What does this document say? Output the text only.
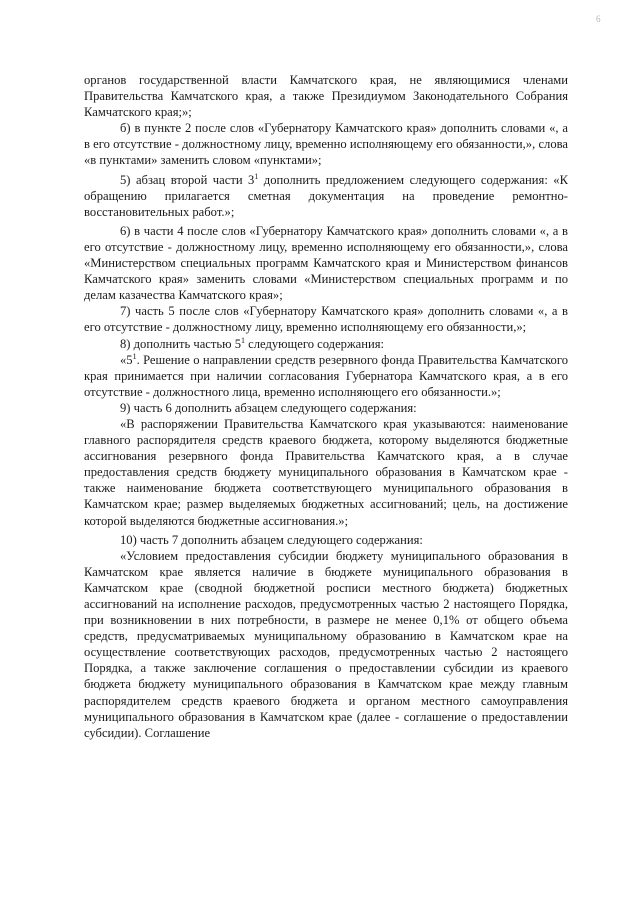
6

органов государственной власти Камчатского края, не являющимися членами Правительства Камчатского края, а также Президиумом Законодательного Собрания Камчатского края;»;

б) в пункте 2 после слов «Губернатору Камчатского края» дополнить словами «, а в его отсутствие - должностному лицу, временно исполняющему его обязанности,», слова «в пунктами» заменить словом «пунктами»;

5) абзац второй части $3^1$ дополнить предложением следующего содержания: «К обращению прилагается сметная документация на проведение ремонтно-восстановительных работ.»;

6) в части 4 после слов «Губернатору Камчатского края» дополнить словами «, а в его отсутствие - должностному лицу, временно исполняющему его обязанности,», слова «Министерством специальных программ Камчатского края и Министерством финансов Камчатского края» заменить словами «Министерством специальных программ и по делам казачества Камчатского края»;

7) часть 5 после слов «Губернатору Камчатского края» дополнить словами «, а в его отсутствие - должностному лицу, временно исполняющему его обязанности,»;

8) дополнить частью $5^1$ следующего содержания:

«$5^1$. Решение о направлении средств резервного фонда Правительства Камчатского края принимается при наличии согласования Губернатора Камчатского края, а в его отсутствие - должностного лица, временно исполняющего его обязанности.»;

9) часть 6 дополнить абзацем следующего содержания:

«В распоряжении Правительства Камчатского края указываются: наименование главного распорядителя средств краевого бюджета, которому выделяются бюджетные ассигнования резервного фонда Правительства Камчатского края, а в случае предоставления средств бюджету муниципального образования в Камчатском крае - также наименование бюджета соответствующего муниципального образования в Камчатском крае; размер выделяемых бюджетных ассигнований; цель, на достижение которой выделяются бюджетные ассигнования.»;

10) часть 7 дополнить абзацем следующего содержания:

«Условием предоставления субсидии бюджету муниципального образования в Камчатском крае является наличие в бюджете муниципального образования в Камчатском крае (сводной бюджетной росписи местного бюджета) бюджетных ассигнований на исполнение расходов, предусмотренных частью 2 настоящего Порядка, при возникновении в них потребности, в размере не менее 0,1% от общего объема средств, предусматриваемых муниципальному образованию в Камчатском крае на осуществление соответствующих расходов, предусмотренных частью 2 настоящего Порядка, а также заключение соглашения о предоставлении субсидии из краевого бюджета бюджету муниципального образования в Камчатском крае между главным распорядителем средств краевого бюджета и органом местного самоуправления муниципального образования в Камчатском крае (далее - соглашение о предоставлении субсидии). Соглашение
